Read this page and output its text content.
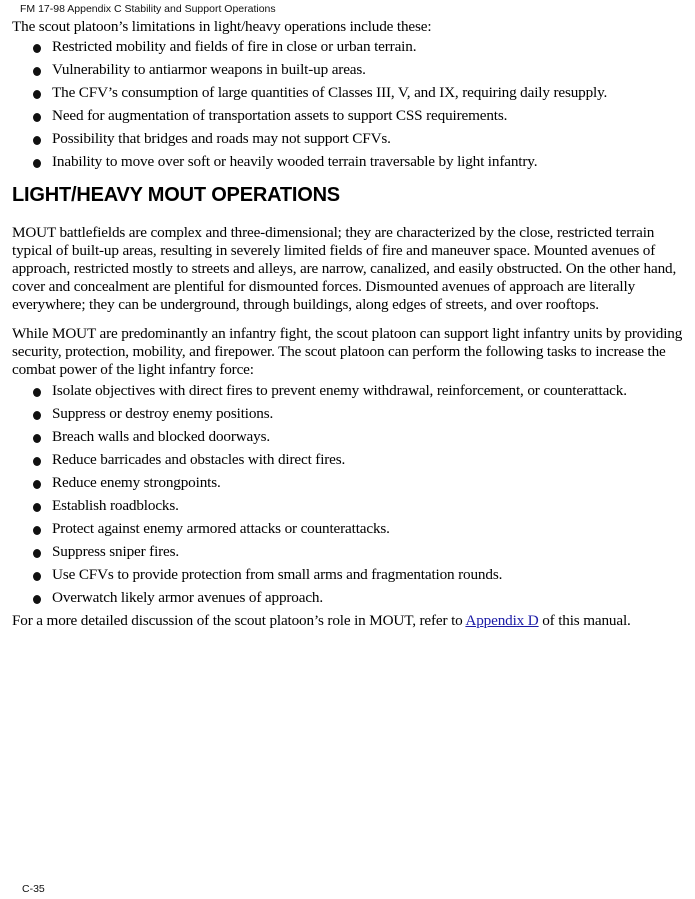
FM 17-98 Appendix C Stability and Support Operations

The scout platoon’s limitations in light/heavy operations include these:

Restricted mobility and fields of fire in close or urban terrain.
Vulnerability to antiarmor weapons in built-up areas.
The CFV’s consumption of large quantities of Classes III, V, and IX, requiring daily resupply.
Need for augmentation of transportation assets to support CSS requirements.
Possibility that bridges and roads may not support CFVs.
Inability to move over soft or heavily wooded terrain traversable by light infantry.
LIGHT/HEAVY MOUT OPERATIONS

MOUT battlefields are complex and three-dimensional; they are characterized by the close, restricted terrain typical of built-up areas, resulting in severely limited fields of fire and maneuver space. Mounted avenues of approach, restricted mostly to streets and alleys, are narrow, canalized, and easily obstructed. On the other hand, cover and concealment are plentiful for dismounted forces. Dismounted avenues of approach are literally everywhere; they can be underground, through buildings, along edges of streets, and over rooftops.

While MOUT are predominantly an infantry fight, the scout platoon can support light infantry units by providing security, protection, mobility, and firepower. The scout platoon can perform the following tasks to increase the combat power of the light infantry force:

Isolate objectives with direct fires to prevent enemy withdrawal, reinforcement, or counterattack.
Suppress or destroy enemy positions.
Breach walls and blocked doorways.
Reduce barricades and obstacles with direct fires.
Reduce enemy strongpoints.
Establish roadblocks.
Protect against enemy armored attacks or counterattacks.
Suppress sniper fires.
Use CFVs to provide protection from small arms and fragmentation rounds.
Overwatch likely armor avenues of approach.

For a more detailed discussion of the scout platoon’s role in MOUT, refer to Appendix D of this manual.

C-35
